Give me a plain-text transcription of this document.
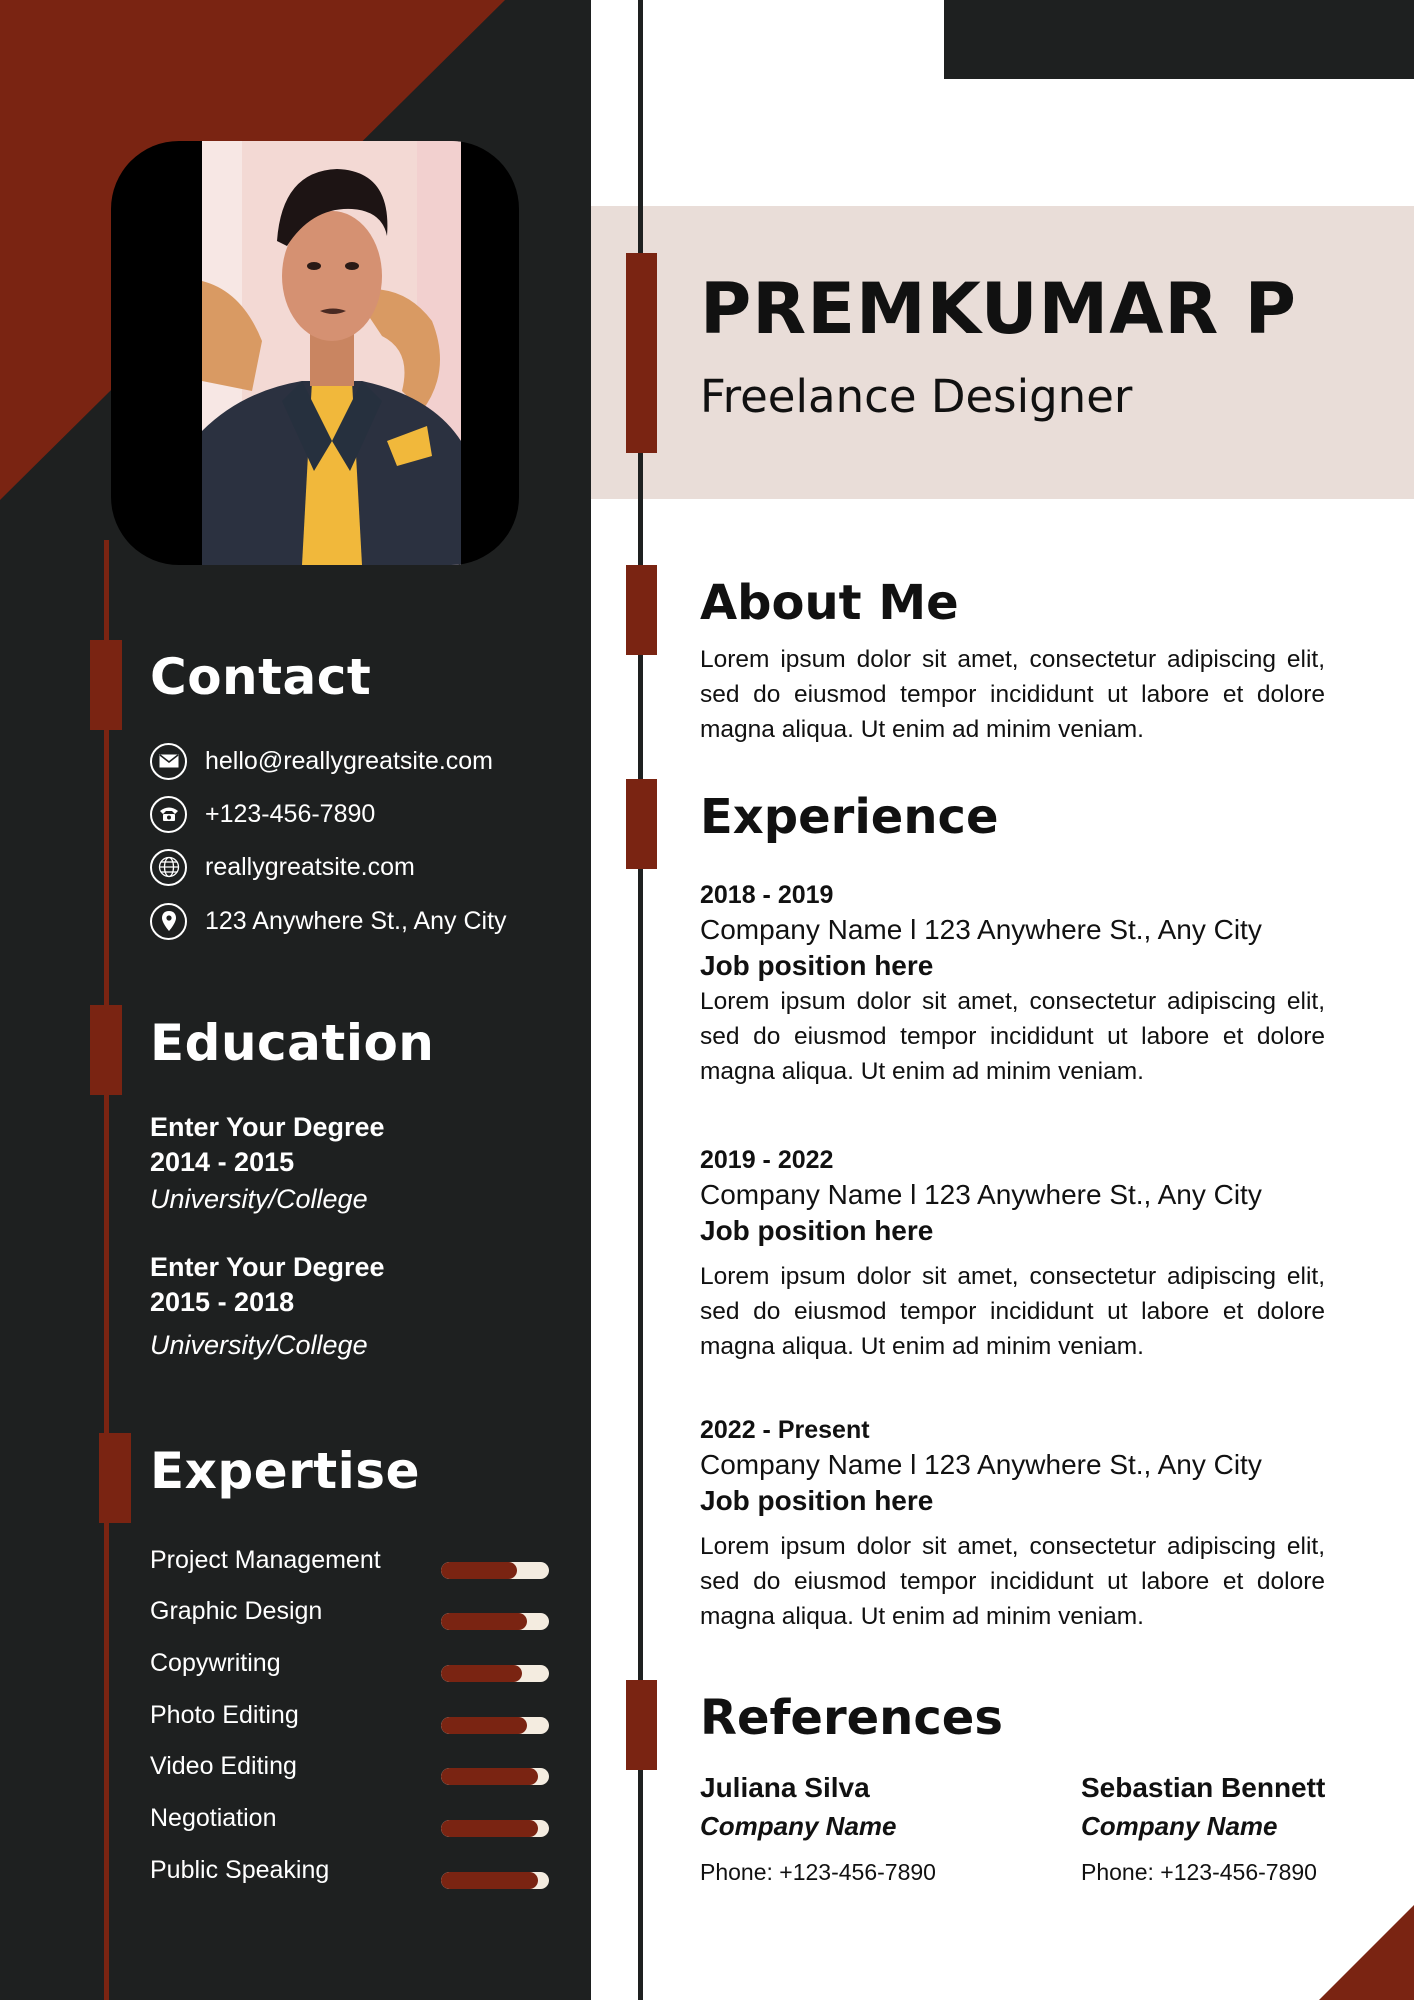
Contact
hello@reallygreatsite.com
+123-456-7890
reallygreatsite.com
123 Anywhere St., Any City
Education
Enter Your Degree
2014 - 2015
University/College
Enter Your Degree
2015 - 2018
University/College
Expertise
Project Management
Graphic Design
Copywriting
Photo Editing
Video Editing
Negotiation
Public Speaking
PREMKUMAR P
Freelance Designer
About Me
Lorem ipsum dolor sit amet, consectetur adipiscing elit, sed do eiusmod tempor incididunt ut labore et dolore magna aliqua. Ut enim ad minim veniam.
Experience
2018 - 2019
Company Name l 123 Anywhere St., Any City
Job position here
Lorem ipsum dolor sit amet, consectetur adipiscing elit, sed do eiusmod tempor incididunt ut labore et dolore magna aliqua. Ut enim ad minim veniam.
2019 - 2022
Company Name l 123 Anywhere St., Any City
Job position here
Lorem ipsum dolor sit amet, consectetur adipiscing elit, sed do eiusmod tempor incididunt ut labore et dolore magna aliqua. Ut enim ad minim veniam.
2022 - Present
Company Name l 123 Anywhere St., Any City
Job position here
Lorem ipsum dolor sit amet, consectetur adipiscing elit, sed do eiusmod tempor incididunt ut labore et dolore magna aliqua. Ut enim ad minim veniam.
References
Juliana Silva
Company Name
Phone: +123-456-7890
Sebastian Bennett
Company Name
Phone: +123-456-7890
